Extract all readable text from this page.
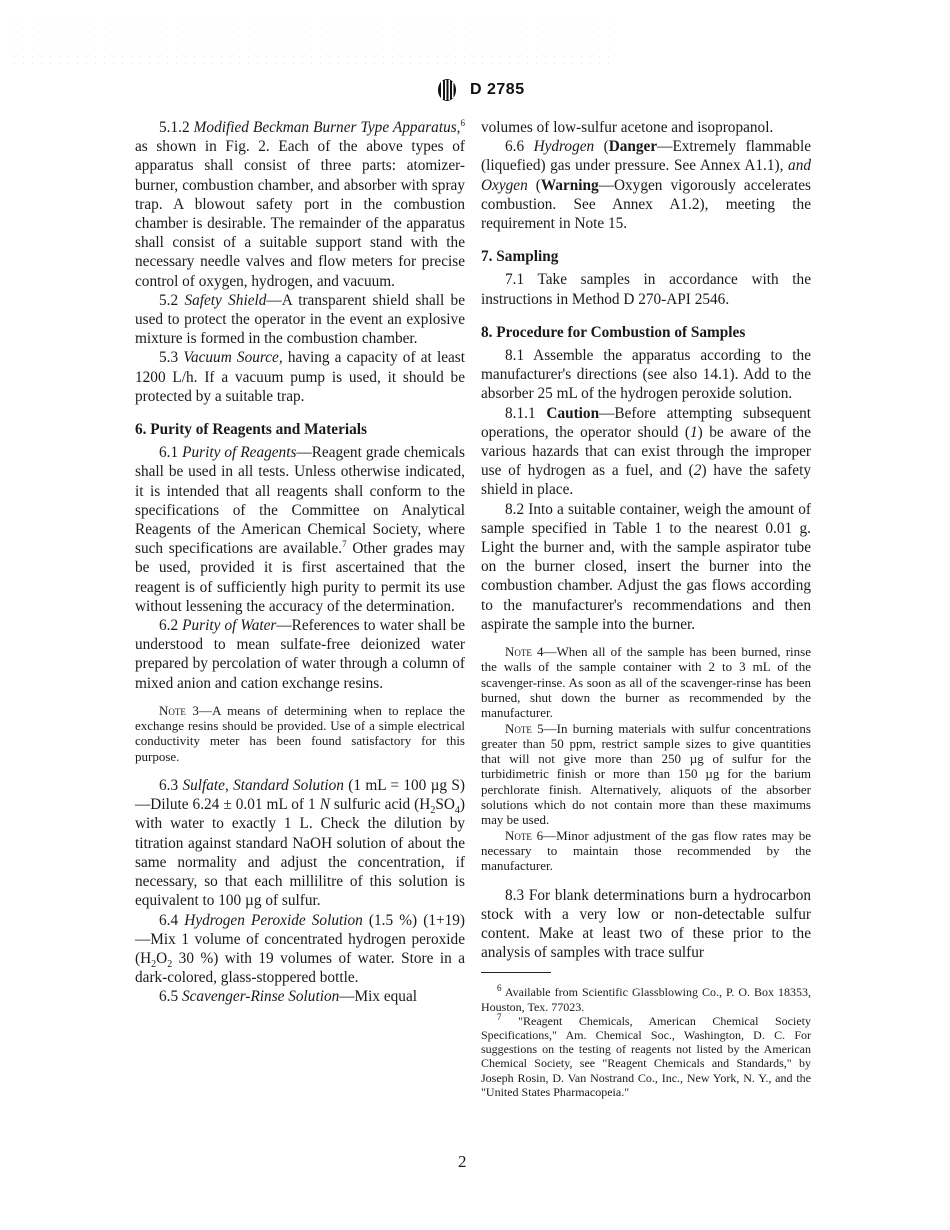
D 2785

5.1.2 Modified Beckman Burner Type Apparatus,$^6$ as shown in Fig. 2. Each of the above types of apparatus shall consist of three parts: atomizer-burner, combustion chamber, and absorber with spray trap. A blowout safety port in the combustion chamber is desirable. The remainder of the apparatus shall consist of a suitable support stand with the necessary needle valves and flow meters for precise control of oxygen, hydrogen, and vacuum.

5.2 Safety Shield—A transparent shield shall be used to protect the operator in the event an explosive mixture is formed in the combustion chamber.

5.3 Vacuum Source, having a capacity of at least 1200 L/h. If a vacuum pump is used, it should be protected by a suitable trap.

6. Purity of Reagents and Materials

6.1 Purity of Reagents—Reagent grade chemicals shall be used in all tests. Unless otherwise indicated, it is intended that all reagents shall conform to the specifications of the Committee on Analytical Reagents of the American Chemical Society, where such specifications are available.$^7$ Other grades may be used, provided it is first ascertained that the reagent is of sufficiently high purity to permit its use without lessening the accuracy of the determination.

6.2 Purity of Water—References to water shall be understood to mean sulfate-free deionized water prepared by percolation of water through a column of mixed anion and cation exchange resins.

Note 3—A means of determining when to replace the exchange resins should be provided. Use of a simple electrical conductivity meter has been found satisfactory for this purpose.

6.3 Sulfate, Standard Solution (1 mL = 100 µg S)—Dilute 6.24 ± 0.01 mL of 1 N sulfuric acid $(H_2SO_4)$ with water to exactly 1 L. Check the dilution by titration against standard NaOH solution of about the same normality and adjust the concentration, if necessary, so that each millilitre of this solution is equivalent to 100 µg of sulfur.

6.4 Hydrogen Peroxide Solution (1.5 %) (1+19)—Mix 1 volume of concentrated hydrogen peroxide ($H_2O_2$ 30 %) with 19 volumes of water. Store in a dark-colored, glass-stoppered bottle.

6.5 Scavenger-Rinse Solution—Mix equal

volumes of low-sulfur acetone and isopropanol.

6.6 Hydrogen (Danger—Extremely flammable (liquefied) gas under pressure. See Annex A1.1), and Oxygen (Warning—Oxygen vigorously accelerates combustion. See Annex A1.2), meeting the requirement in Note 15.

7. Sampling

7.1 Take samples in accordance with the instructions in Method D 270-API 2546.

8. Procedure for Combustion of Samples

8.1 Assemble the apparatus according to the manufacturer's directions (see also 14.1). Add to the absorber 25 mL of the hydrogen peroxide solution.

8.1.1 Caution—Before attempting subsequent operations, the operator should (1) be aware of the various hazards that can exist through the improper use of hydrogen as a fuel, and (2) have the safety shield in place.

8.2 Into a suitable container, weigh the amount of sample specified in Table 1 to the nearest 0.01 g. Light the burner and, with the sample aspirator tube on the burner closed, insert the burner into the combustion chamber. Adjust the gas flows according to the manufacturer's recommendations and then aspirate the sample into the burner.

Note 4—When all of the sample has been burned, rinse the walls of the sample container with 2 to 3 mL of the scavenger-rinse. As soon as all of the scavenger-rinse has been burned, shut down the burner as recommended by the manufacturer.

Note 5—In burning materials with sulfur concentrations greater than 50 ppm, restrict sample sizes to give quantities that will not give more than 250 µg of sulfur for the turbidimetric finish or more than 150 µg for the barium perchlorate finish. Alternatively, aliquots of the absorber solutions which do not contain more than these maximums may be used.

Note 6—Minor adjustment of the gas flow rates may be necessary to maintain those recommended by the manufacturer.

8.3 For blank determinations burn a hydrocarbon stock with a very low or non-detectable sulfur content. Make at least two of these prior to the analysis of samples with trace sulfur

$^6$ Available from Scientific Glassblowing Co., P. O. Box 18353, Houston, Tex. 77023.

$^7$ "Reagent Chemicals, American Chemical Society Specifications," Am. Chemical Soc., Washington, D. C. For suggestions on the testing of reagents not listed by the American Chemical Society, see "Reagent Chemicals and Standards," by Joseph Rosin, D. Van Nostrand Co., Inc., New York, N. Y., and the "United States Pharmacopeia."

2
